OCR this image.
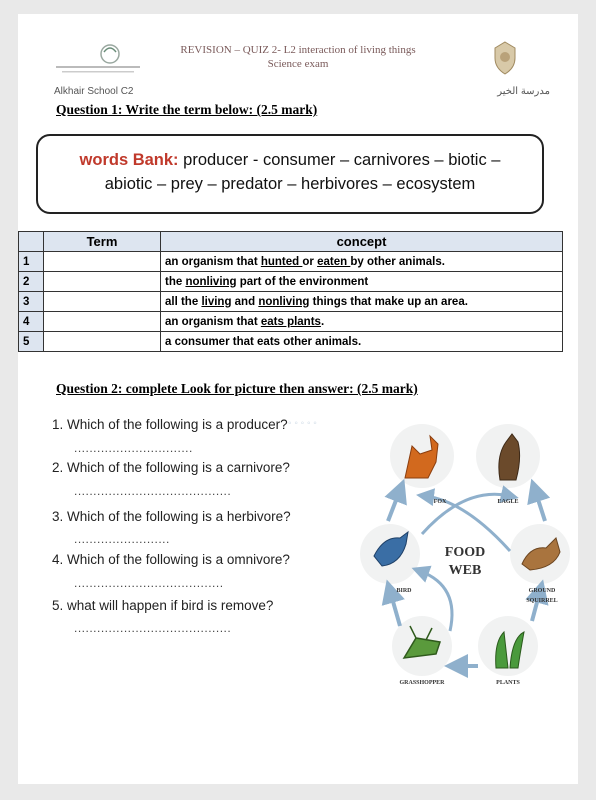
REVISION – QUIZ 2- L2 interaction of living things
Science exam
Alkhair School C2	مدرسة الخير
Question 1: Write the term below: (2.5 mark)
words Bank: producer - consumer – carnivores – biotic –
abiotic – prey – predator – herbivores – ecosystem
	Term	concept
1		an organism that hunted or eaten by other animals.
2		the nonliving part of the environment
3		all the living and nonliving things that make up an area.
4		an organism that eats plants.
5		a consumer that eats other animals.
Question 2: complete Look for picture then answer: (2.5 mark)
◦ ◦ ◦ ◦ ◦
1. Which of the following is a producer?
...............................
2. Which of the following is a carnivore?
.........................................
3. Which of the following is a herbivore?
.........................
4. Which of the following is a omnivore?
.......................................
5. what will happen if bird is remove?
.........................................
FOOD
WEB
FOX	EAGLE
BIRD	GROUND
SQUIRREL
GRASSHOPPER	PLANTS
